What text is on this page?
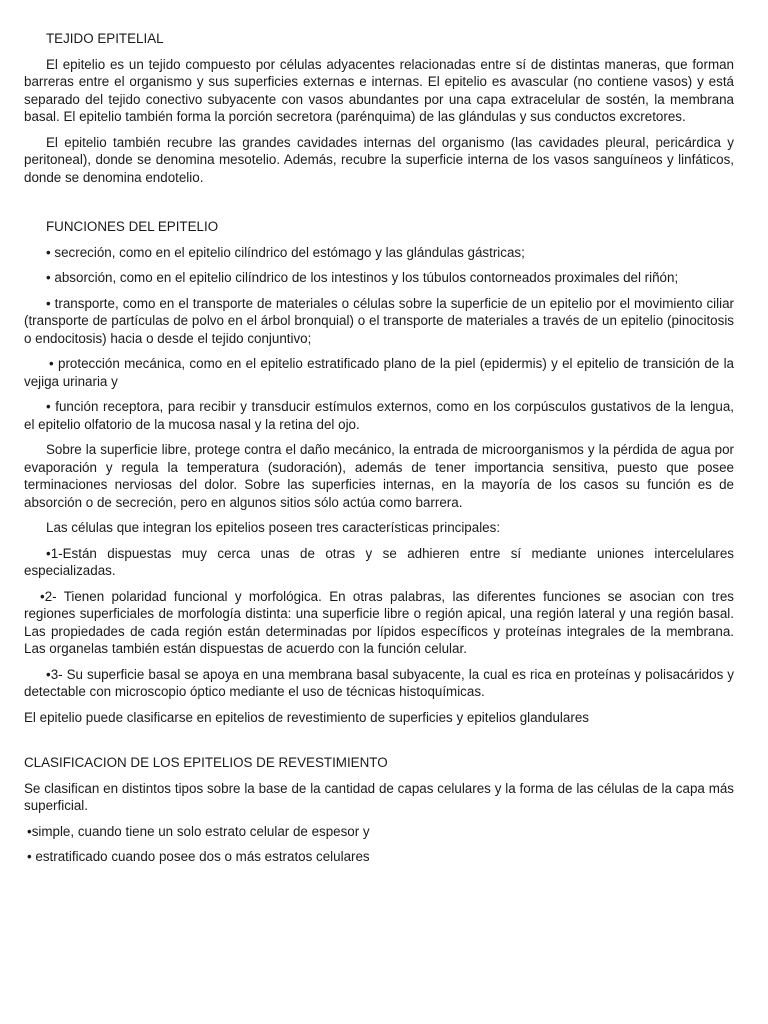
TEJIDO EPITELIAL

El epitelio es un tejido compuesto por células adyacentes relacionadas entre sí de distintas maneras, que forman barreras entre el organismo y sus superficies externas e internas. El epitelio es avascular (no contiene vasos) y está separado del tejido conectivo subyacente con vasos abundantes por una capa extracelular de sostén, la membrana basal. El epitelio también forma la porción secretora (parénquima) de las glándulas y sus conductos excretores.

El epitelio también recubre las grandes cavidades internas del organismo (las cavidades pleural, pericárdica y peritoneal), donde se denomina mesotelio. Además, recubre la superficie interna de los vasos sanguíneos y linfáticos, donde se denomina endotelio.

FUNCIONES DEL EPITELIO

• secreción, como en el epitelio cilíndrico del estómago y las glándulas gástricas;

• absorción, como en el epitelio cilíndrico de los intestinos y los túbulos contorneados proximales del riñón;

• transporte, como en el transporte de materiales o células sobre la superficie de un epitelio por el movimiento ciliar (transporte de partículas de polvo en el árbol bronquial) o el transporte de materiales a través de un epitelio (pinocitosis o endocitosis) hacia o desde el tejido conjuntivo;

• protección mecánica, como en el epitelio estratificado plano de la piel (epidermis) y el epitelio de transición de la vejiga urinaria y

• función receptora, para recibir y transducir estímulos externos, como en los corpúsculos gustativos de la lengua, el epitelio olfatorio de la mucosa nasal y la retina del ojo.

Sobre la superficie libre, protege contra el daño mecánico, la entrada de microorganismos y la pérdida de agua por evaporación y regula la temperatura (sudoración), además de tener importancia sensitiva, puesto que posee terminaciones nerviosas del dolor. Sobre las superficies internas, en la mayoría de los casos su función es de absorción o de secreción, pero en algunos sitios sólo actúa como barrera.

Las células que integran los epitelios poseen tres características principales:

•1-Están dispuestas muy cerca unas de otras y se adhieren entre sí mediante uniones intercelulares especializadas.

•2- Tienen polaridad funcional y morfológica. En otras palabras, las diferentes funciones se asocian con tres regiones superficiales de morfología distinta: una superficie libre o región apical, una región lateral y una región basal. Las propiedades de cada región están determinadas por lípidos específicos y proteínas integrales de la membrana. Las organelas también están dispuestas de acuerdo con la función celular.

•3- Su superficie basal se apoya en una membrana basal subyacente, la cual es rica en proteínas y polisacáridos y detectable con microscopio óptico mediante el uso de técnicas histoquímicas.

El epitelio puede clasificarse en epitelios de revestimiento de superficies y epitelios glandulares

CLASIFICACION DE LOS EPITELIOS DE REVESTIMIENTO

Se clasifican en distintos tipos sobre la base de la cantidad de capas celulares y la forma de las células de la capa más superficial.

•simple, cuando tiene un solo estrato celular de espesor y

• estratificado cuando posee dos o más estratos celulares
